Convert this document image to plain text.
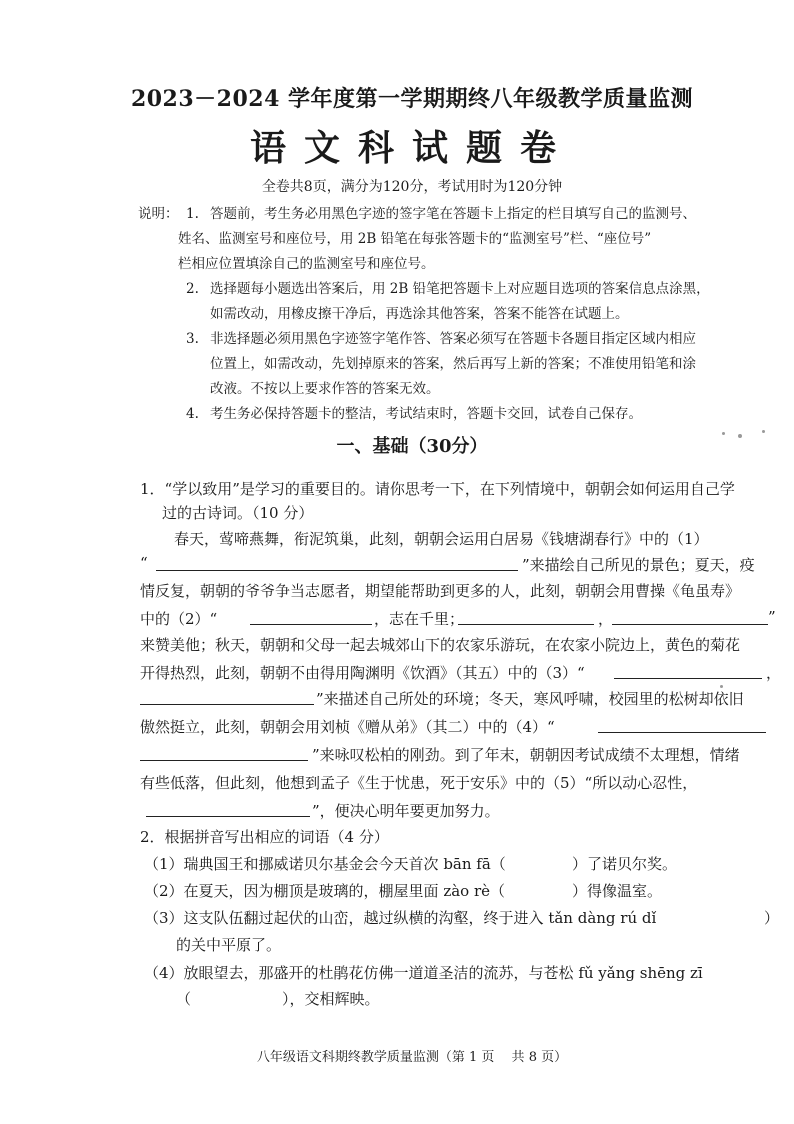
2023－2024 学年度第一学期期终八年级教学质量监测
语文科试题卷
全卷共8页，满分为120分，考试用时为120分钟
说明： 1. 答题前，考生务必用黑色字迹的签字笔在答题卡上指定的栏目填写自己的监测号、
姓名、监测室号和座位号，用 2B 铅笔在每张答题卡的“监测室号”栏、“座位号”
栏相应位置填涂自己的监测室号和座位号。
2. 选择题每小题选出答案后，用 2B 铅笔把答题卡上对应题目选项的答案信息点涂黑，
如需改动，用橡皮擦干净后，再选涂其他答案，答案不能答在试题上。
3. 非选择题必须用黑色字迹签字笔作答、答案必须写在答题卡各题目指定区域内相应
位置上，如需改动，先划掉原来的答案，然后再写上新的答案；不准使用铅笔和涂
改液。不按以上要求作答的答案无效。
4. 考生务必保持答题卡的整洁，考试结束时，答题卡交回，试卷自己保存。
一、基础（30分）
1．“学以致用”是学习的重要目的。请你思考一下，在下列情境中，朝朝会如何运用自己学
过的古诗词。（10 分）
春天，莺啼燕舞，衔泥筑巢，此刻，朝朝会运用白居易《钱塘湖春行》中的（1）
“	”来描绘自己所见的景色；夏天，疫
情反复，朝朝的爷爷争当志愿者，期望能帮助到更多的人，此刻，朝朝会用曹操《龟虽寿》
中的（2）“	，志在千里；	，	”
来赞美他；秋天，朝朝和父母一起去城郊山下的农家乐游玩，在农家小院边上，黄色的菊花
开得热烈，此刻，朝朝不由得用陶渊明《饮酒》（其五）中的（3）“	，
”来描述自己所处的环境；冬天，寒风呼啸，校园里的松树却依旧
傲然挺立，此刻，朝朝会用刘桢《赠从弟》（其二）中的（4）“
”来咏叹松柏的刚劲。到了年末，朝朝因考试成绩不太理想，情绪
有些低落，但此刻，他想到孟子《生于忧患，死于安乐》中的（5）“所以动心忍性，
”，便决心明年要更加努力。
2．根据拼音写出相应的词语（4 分）
（1）瑞典国王和挪威诺贝尔基金会今天首次 bān fā（	）了诺贝尔奖。
（2）在夏天，因为棚顶是玻璃的，棚屋里面 zào rè（	）得像温室。
（3）这支队伍翻过起伏的山峦，越过纵横的沟壑，终于进入 tǎn dàng rú dǐ	）
的关中平原了。
（4）放眼望去，那盛开的杜鹃花仿佛一道道圣洁的流苏，与苍松 fǔ yǎng shēng zī
（	），交相辉映。
八年级语文科期终教学质量监测（第 1 页　 共 8 页）
